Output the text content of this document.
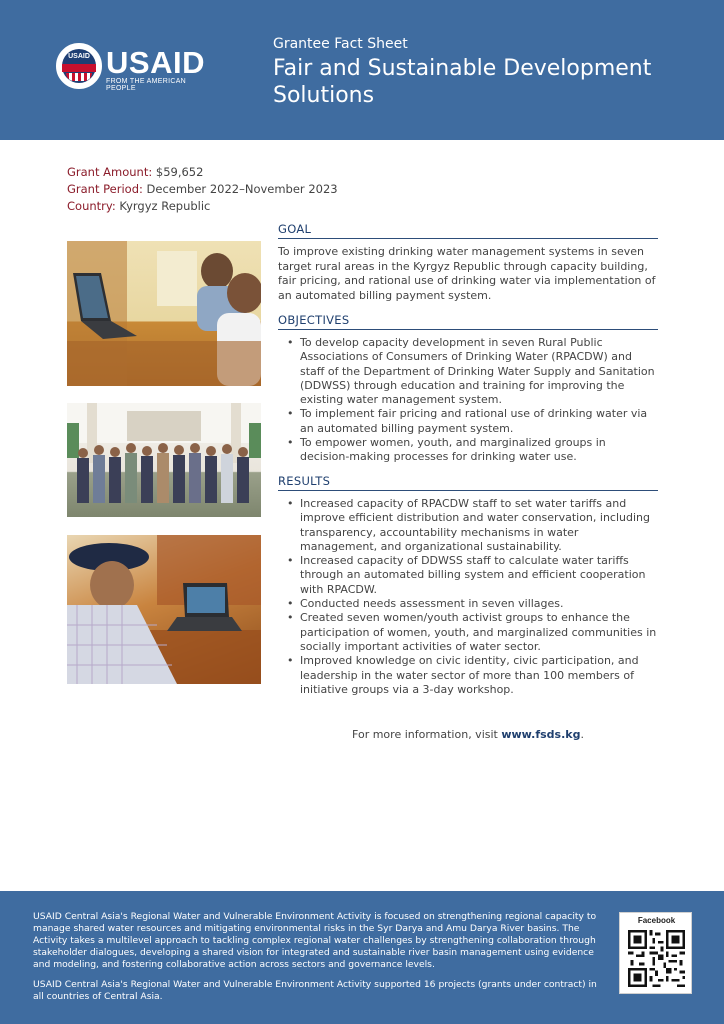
USAID USAID
FROM THE AMERICAN PEOPLE
Grantee Fact Sheet
Fair and Sustainable Development Solutions
Grant Amount: $59,652
Grant Period: December 2022–November 2023
Country: Kyrgyz Republic
GOAL
To improve existing drinking water management systems in seven target rural areas in the Kyrgyz Republic through capacity building, fair pricing, and rational use of drinking water via implementation of an automated billing payment system.
OBJECTIVES
• To develop capacity development in seven Rural Public Associations of Consumers of Drinking Water (RPACDW) and staff of the Department of Drinking Water Supply and Sanitation (DDWSS) through education and training for improving the existing water management system.
• To implement fair pricing and rational use of drinking water via an automated billing payment system.
• To empower women, youth, and marginalized groups in decision-making processes for drinking water use.
RESULTS
• Increased capacity of RPACDW staff to set water tariffs and improve efficient distribution and water conservation, including transparency, accountability mechanisms in water management, and organizational sustainability.
• Increased capacity of DDWSS staff to calculate water tariffs through an automated billing system and efficient cooperation with RPACDW.
• Conducted needs assessment in seven villages.
• Created seven women/youth activist groups to enhance the participation of women, youth, and marginalized communities in socially important activities of water sector.
• Improved knowledge on civic identity, civic participation, and leadership in the water sector of more than 100 members of initiative groups via a 3-day workshop.
For more information, visit www.fsds.kg.

USAID Central Asia's Regional Water and Vulnerable Environment Activity is focused on strengthening regional capacity to manage shared water resources and mitigating environmental risks in the Syr Darya and Amu Darya River basins. The Activity takes a multilevel approach to tackling complex regional water challenges by strengthening collaboration through stakeholder dialogues, developing a shared vision for integrated and sustainable river basin management using evidence and modeling, and fostering collaborative action across sectors and governance levels.

USAID Central Asia's Regional Water and Vulnerable Environment Activity supported 16 projects (grants under contract) in all countries of Central Asia.

Facebook
